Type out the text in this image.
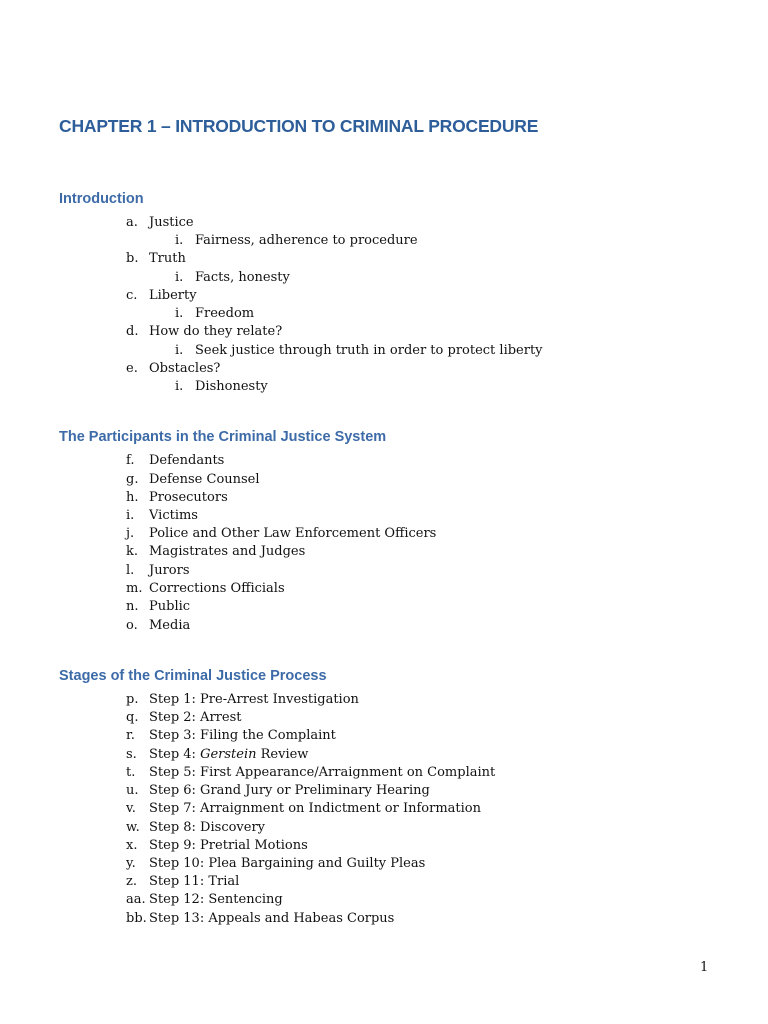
CHAPTER 1 – INTRODUCTION TO CRIMINAL PROCEDURE
Introduction
a. Justice
i. Fairness, adherence to procedure
b. Truth
i. Facts, honesty
c. Liberty
i. Freedom
d. How do they relate?
i. Seek justice through truth in order to protect liberty
e. Obstacles?
i. Dishonesty
The Participants in the Criminal Justice System
f. Defendants
g. Defense Counsel
h. Prosecutors
i. Victims
j. Police and Other Law Enforcement Officers
k. Magistrates and Judges
l. Jurors
m. Corrections Officials
n. Public
o. Media
Stages of the Criminal Justice Process
p. Step 1: Pre-Arrest Investigation
q. Step 2: Arrest
r. Step 3: Filing the Complaint
s. Step 4: Gerstein Review
t. Step 5: First Appearance/Arraignment on Complaint
u. Step 6: Grand Jury or Preliminary Hearing
v. Step 7: Arraignment on Indictment or Information
w. Step 8: Discovery
x. Step 9: Pretrial Motions
y. Step 10: Plea Bargaining and Guilty Pleas
z. Step 11: Trial
aa. Step 12: Sentencing
bb. Step 13: Appeals and Habeas Corpus
1
